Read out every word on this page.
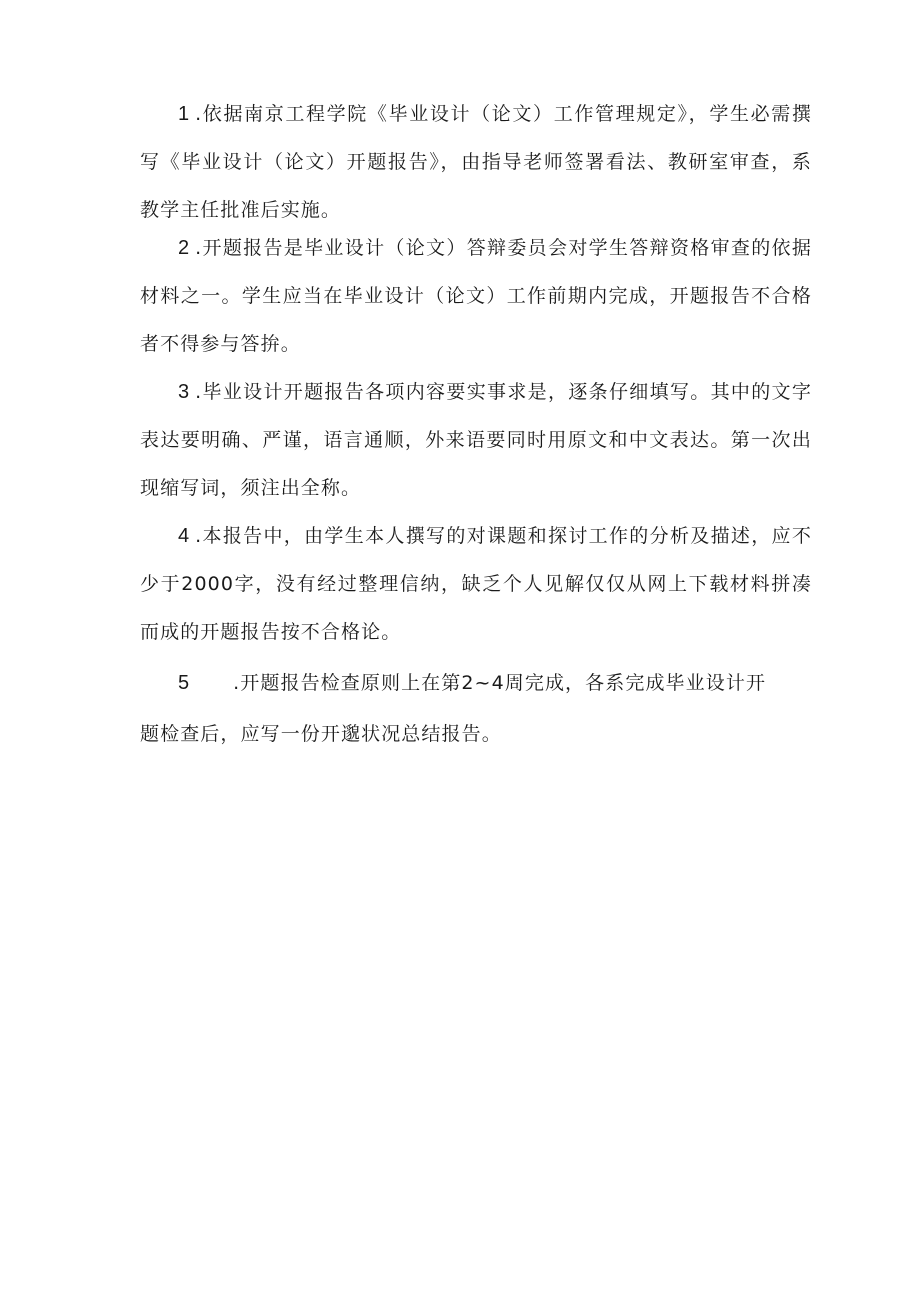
1 .依据南京工程学院《毕业设计（论文）工作管理规定》，学生必需撰写《毕业设计（论文）开题报告》，由指导老师签署看法、教研室审查，系教学主任批准后实施。

2 .开题报告是毕业设计（论文）答辩委员会对学生答辩资格审查的依据材料之一。学生应当在毕业设计（论文）工作前期内完成，开题报告不合格者不得参与答拚。

3 .毕业设计开题报告各项内容要实事求是，逐条仔细填写。其中的文字表达要明确、严谨，语言通顺，外来语要同时用原文和中文表达。第一次出现缩写词，须注出全称。

4 .本报告中，由学生本人撰写的对课题和探讨工作的分析及描述，应不少于2000字，没有经过整理信纳，缺乏个人见解仅仅从网上下载材料拼凑而成的开题报告按不合格论。

5 .开题报告检查原则上在第2~4周完成，各系完成毕业设计开

题检查后，应写一份开邈状况总结报告。
